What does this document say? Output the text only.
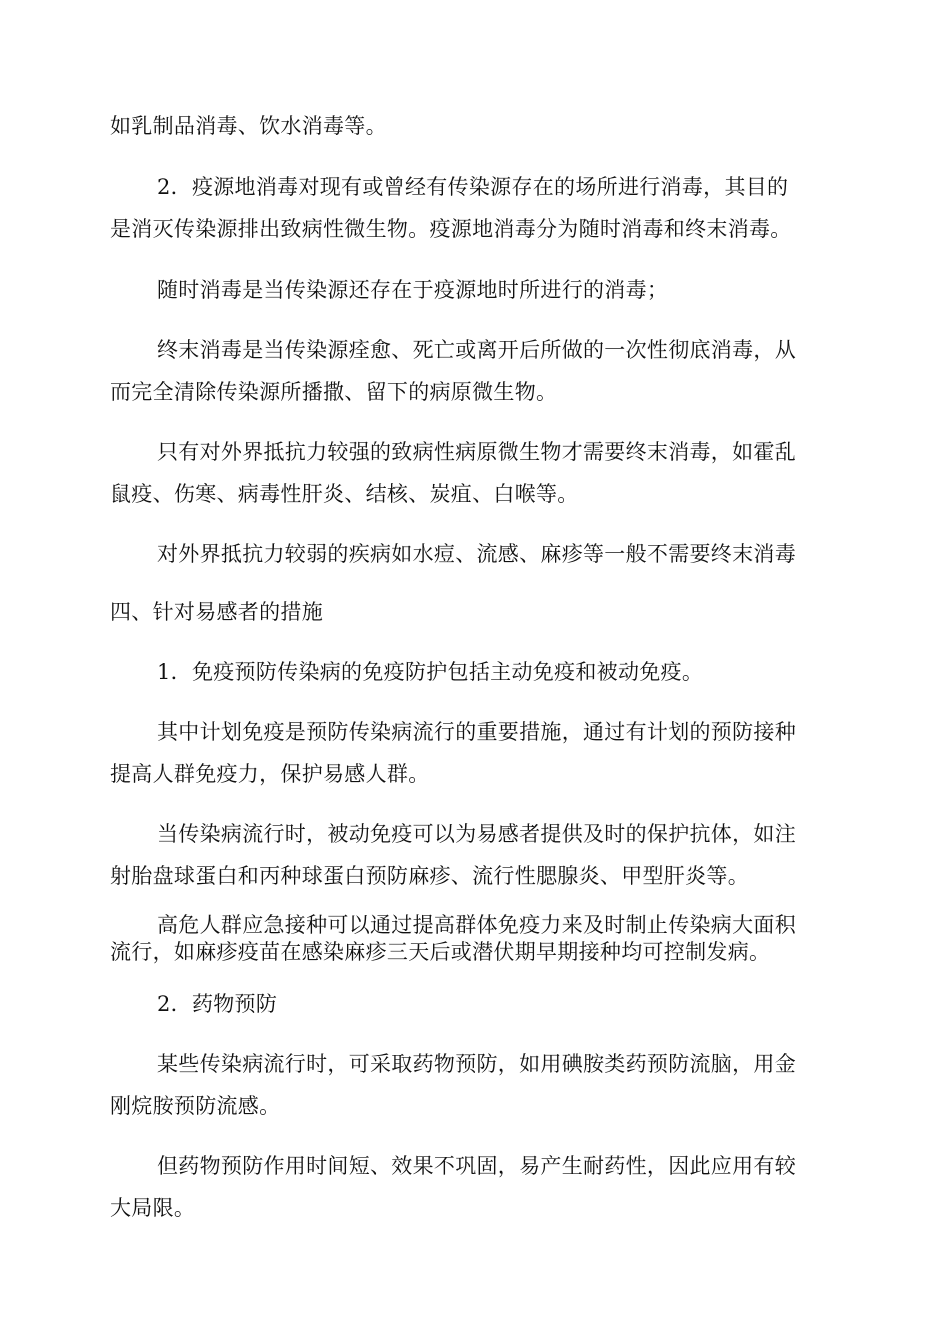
如乳制品消毒、饮水消毒等。
2．疫源地消毒对现有或曾经有传染源存在的场所进行消毒，其目的
是消灭传染源排出致病性微生物。疫源地消毒分为随时消毒和终末消毒。
随时消毒是当传染源还存在于疫源地时所进行的消毒；
终末消毒是当传染源痊愈、死亡或离开后所做的一次性彻底消毒，从
而完全清除传染源所播撒、留下的病原微生物。
只有对外界抵抗力较强的致病性病原微生物才需要终末消毒，如霍乱
鼠疫、伤寒、病毒性肝炎、结核、炭疽、白喉等。
对外界抵抗力较弱的疾病如水痘、流感、麻疹等一般不需要终末消毒
四、针对易感者的措施
1．免疫预防传染病的免疫防护包括主动免疫和被动免疫。
其中计划免疫是预防传染病流行的重要措施，通过有计划的预防接种
提高人群免疫力，保护易感人群。
当传染病流行时，被动免疫可以为易感者提供及时的保护抗体，如注
射胎盘球蛋白和丙种球蛋白预防麻疹、流行性腮腺炎、甲型肝炎等。
高危人群应急接种可以通过提高群体免疫力来及时制止传染病大面积
流行，如麻疹疫苗在感染麻疹三天后或潜伏期早期接种均可控制发病。
2．药物预防
某些传染病流行时，可采取药物预防，如用碘胺类药预防流脑，用金
刚烷胺预防流感。
但药物预防作用时间短、效果不巩固，易产生耐药性，因此应用有较
大局限。
